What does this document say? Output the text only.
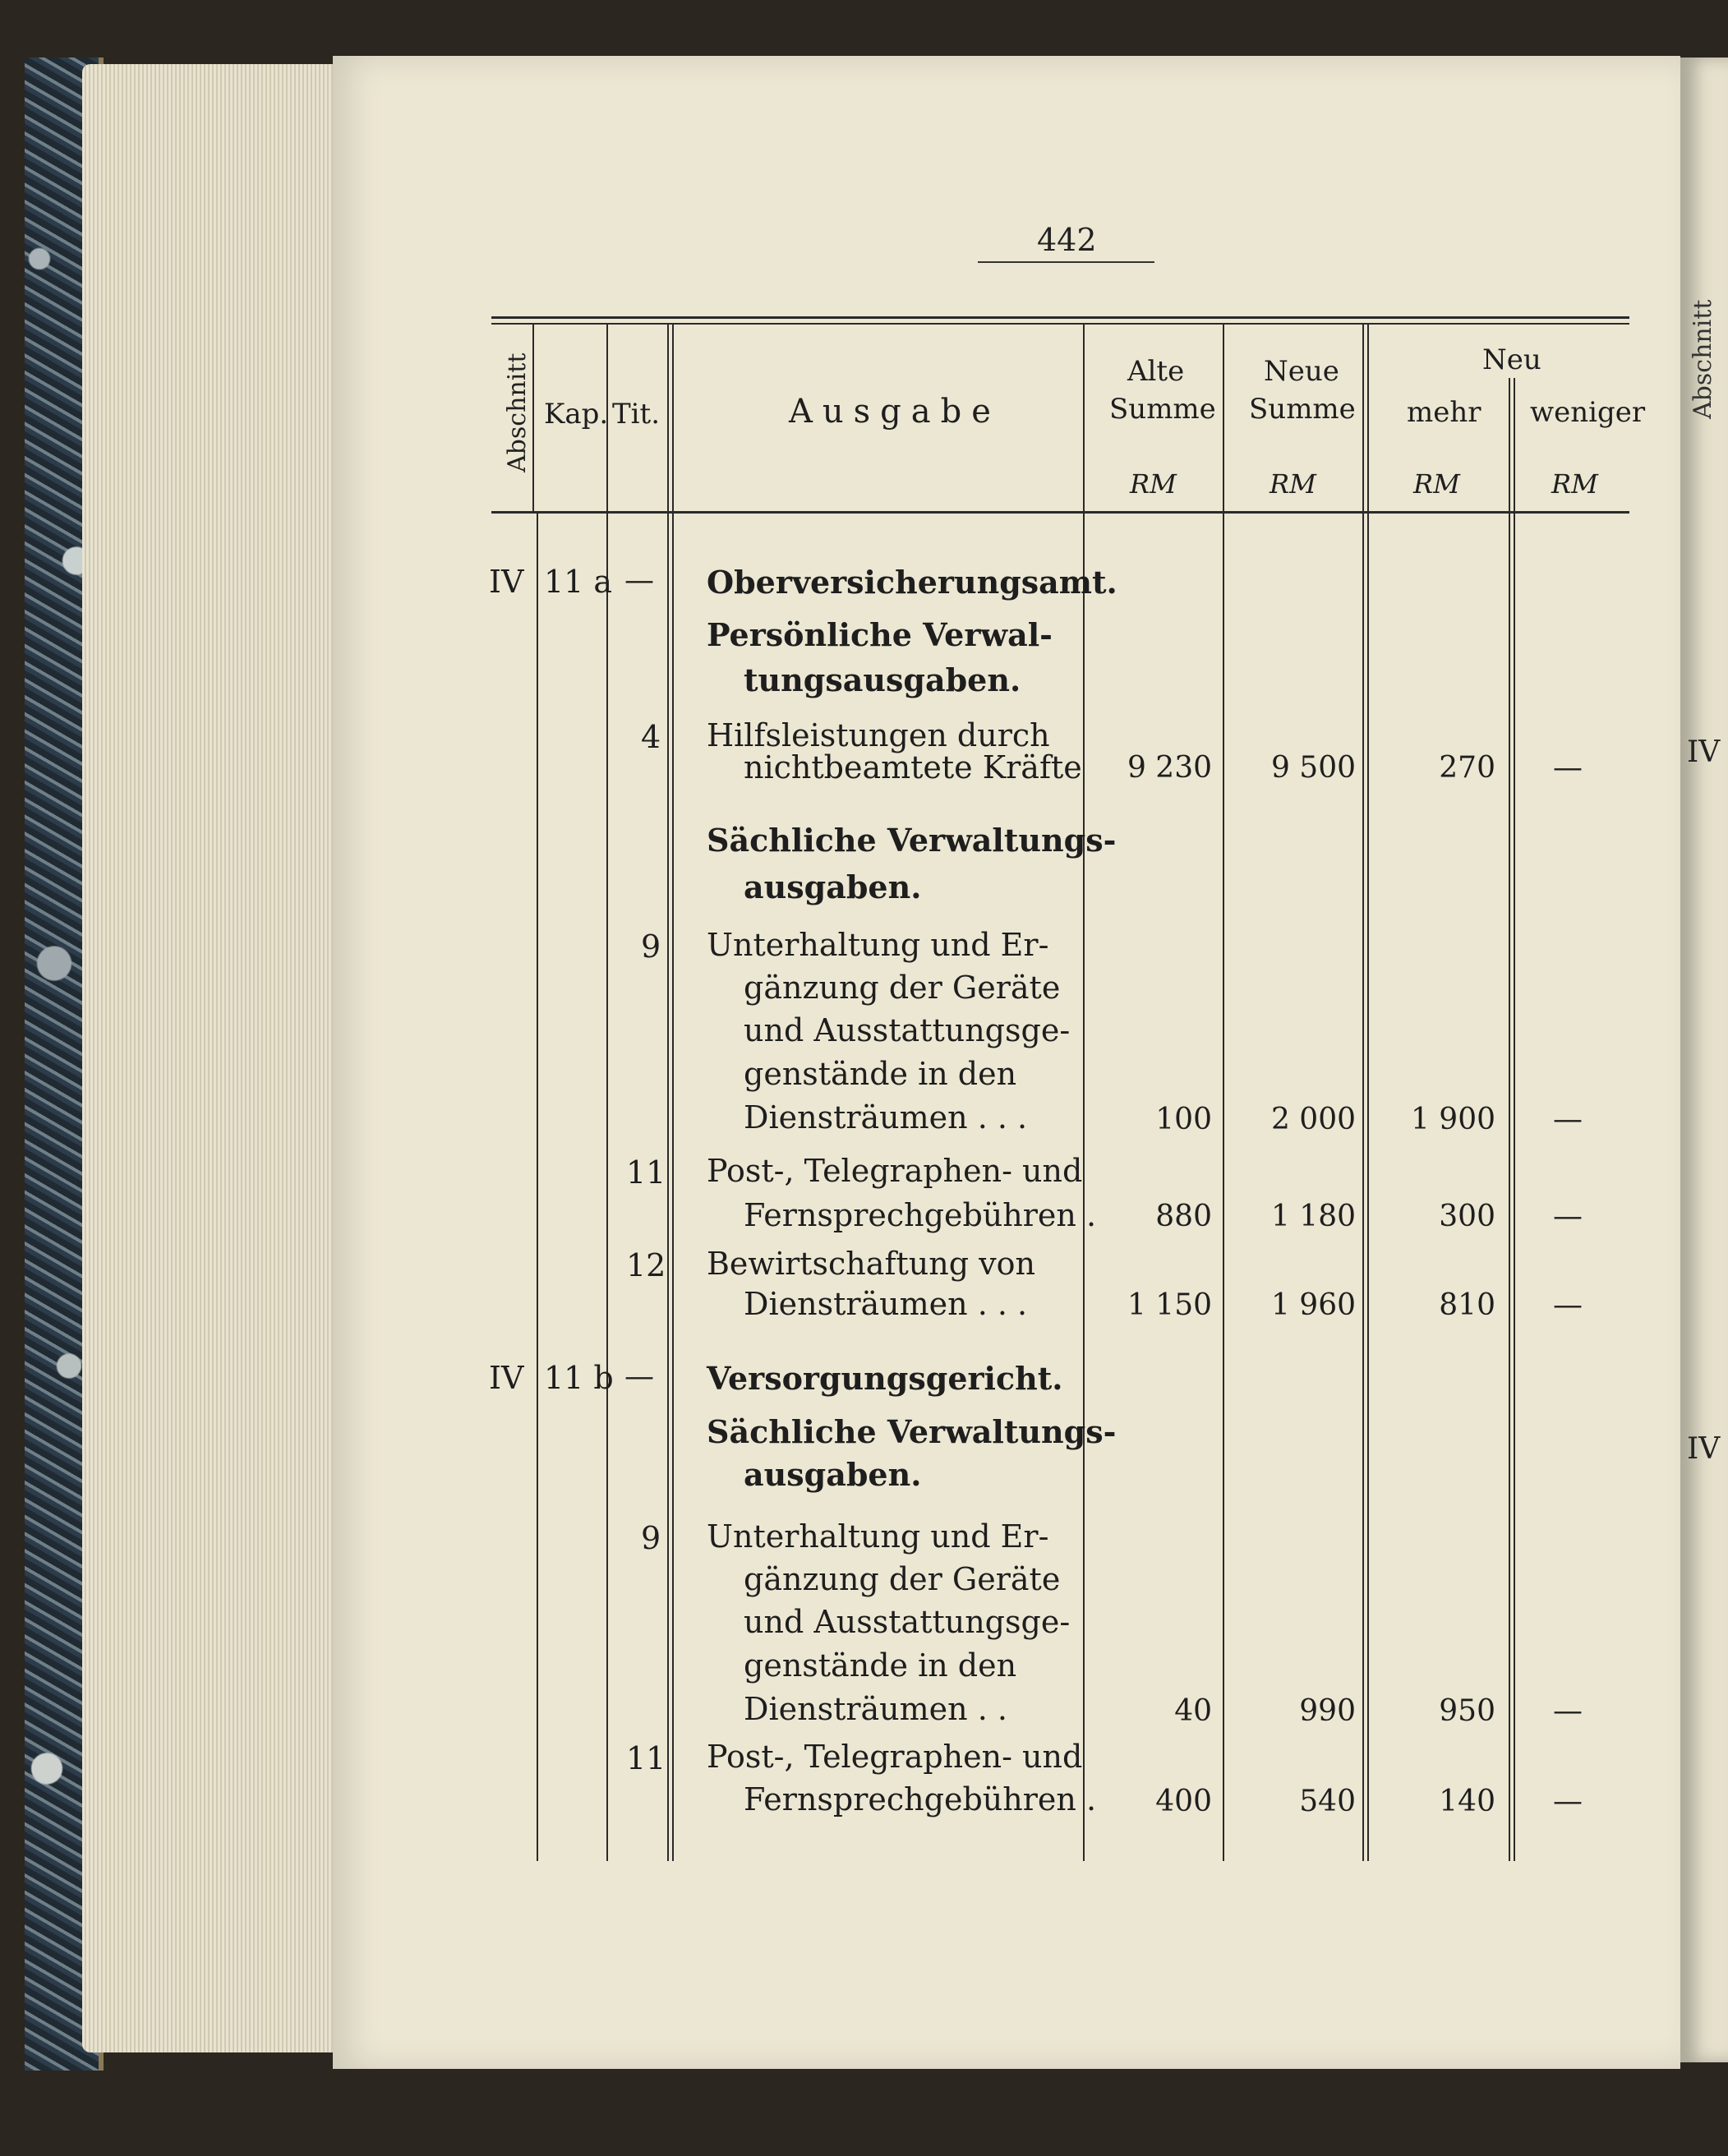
Abschnitt
IV
IV
442
Abschnitt Kap. Tit.	Ausgabe
Alte
Summe
Neue
Summe
Neu
mehr weniger
RM	RM	RM	RM
IV 11 a — Oberversicherungsamt.
Persönliche Verwal-
tungsausgaben.
4 Hilfsleistungen durch
nichtbeamtete Kräfte	9 230	9 500	270 —
Sächliche Verwaltungs-
ausgaben.
9 Unterhaltung und Er-
gänzung der Geräte
und Ausstattungsge-
genstände in den
Diensträumen . . .	100	2 000	1 900 —
11 Post-, Telegraphen- und
Fernsprechgebühren .	880	1 180	300 —
12 Bewirtschaftung von
Diensträumen . . .	1 150	1 960	810 —
IV 11 b — Versorgungsgericht.
Sächliche Verwaltungs-
ausgaben.
9 Unterhaltung und Er-
gänzung der Geräte
und Ausstattungsge-
genstände in den
Diensträumen . .	40	990	950 —
11 Post-, Telegraphen- und
Fernsprechgebühren .	400	540	140 —
